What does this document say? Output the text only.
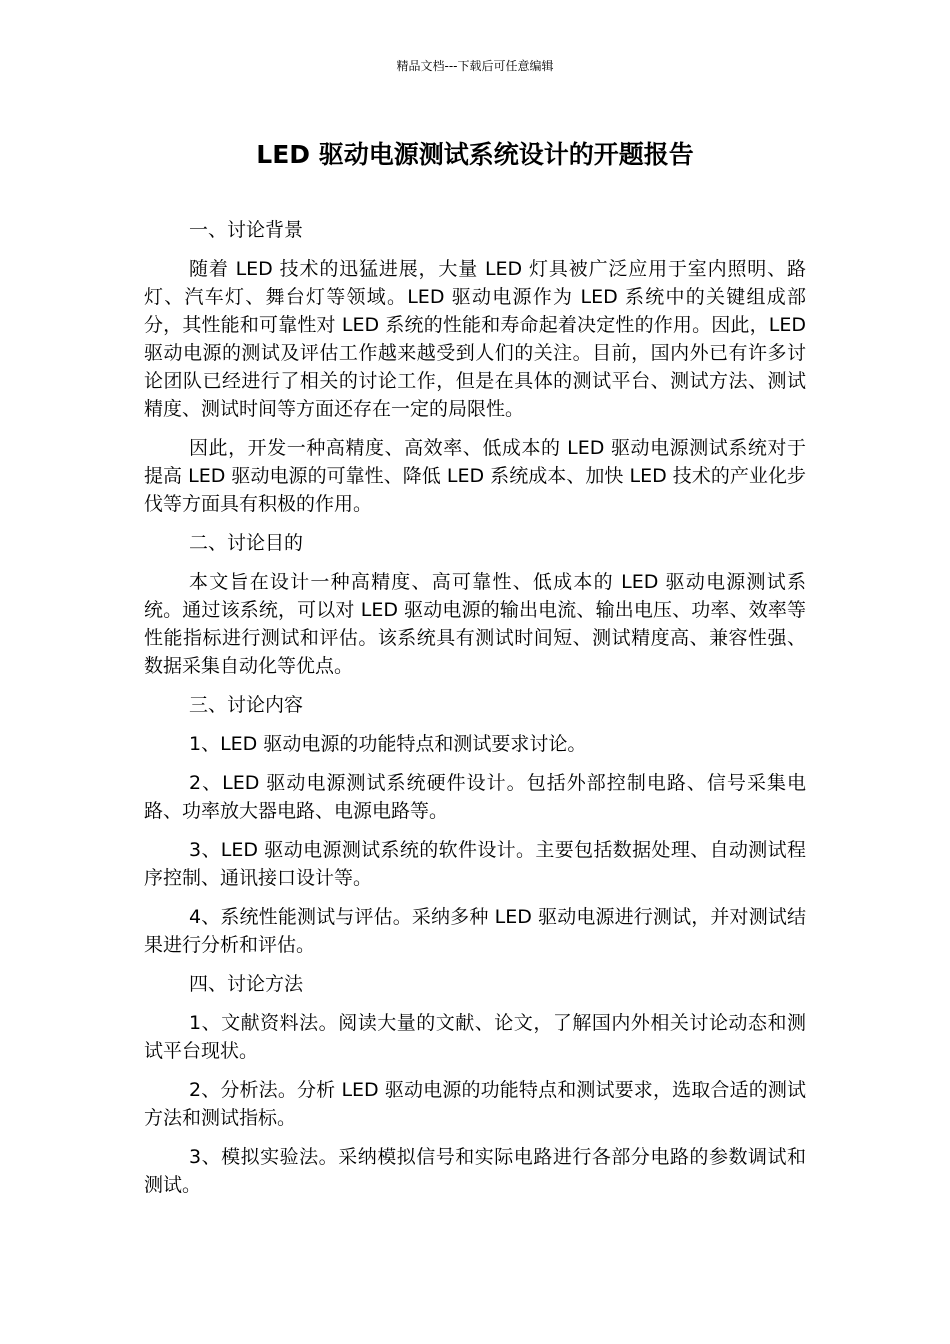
精品文档---下载后可任意编辑
LED 驱动电源测试系统设计的开题报告

一、讨论背景

随着 LED 技术的迅猛进展，大量 LED 灯具被广泛应用于室内照明、路灯、汽车灯、舞台灯等领域。LED 驱动电源作为 LED 系统中的关键组成部分，其性能和可靠性对 LED 系统的性能和寿命起着决定性的作用。因此，LED 驱动电源的测试及评估工作越来越受到人们的关注。目前，国内外已有许多讨论团队已经进行了相关的讨论工作，但是在具体的测试平台、测试方法、测试精度、测试时间等方面还存在一定的局限性。

因此，开发一种高精度、高效率、低成本的 LED 驱动电源测试系统对于提高 LED 驱动电源的可靠性、降低 LED 系统成本、加快 LED 技术的产业化步伐等方面具有积极的作用。

二、讨论目的

本文旨在设计一种高精度、高可靠性、低成本的 LED 驱动电源测试系统。通过该系统，可以对 LED 驱动电源的输出电流、输出电压、功率、效率等性能指标进行测试和评估。该系统具有测试时间短、测试精度高、兼容性强、数据采集自动化等优点。

三、讨论内容

1、LED 驱动电源的功能特点和测试要求讨论。

2、LED 驱动电源测试系统硬件设计。包括外部控制电路、信号采集电路、功率放大器电路、电源电路等。

3、LED 驱动电源测试系统的软件设计。主要包括数据处理、自动测试程序控制、通讯接口设计等。

4、系统性能测试与评估。采纳多种 LED 驱动电源进行测试，并对测试结果进行分析和评估。

四、讨论方法

1、文献资料法。阅读大量的文献、论文，了解国内外相关讨论动态和测试平台现状。

2、分析法。分析 LED 驱动电源的功能特点和测试要求，选取合适的测试方法和测试指标。

3、模拟实验法。采纳模拟信号和实际电路进行各部分电路的参数调试和测试。
